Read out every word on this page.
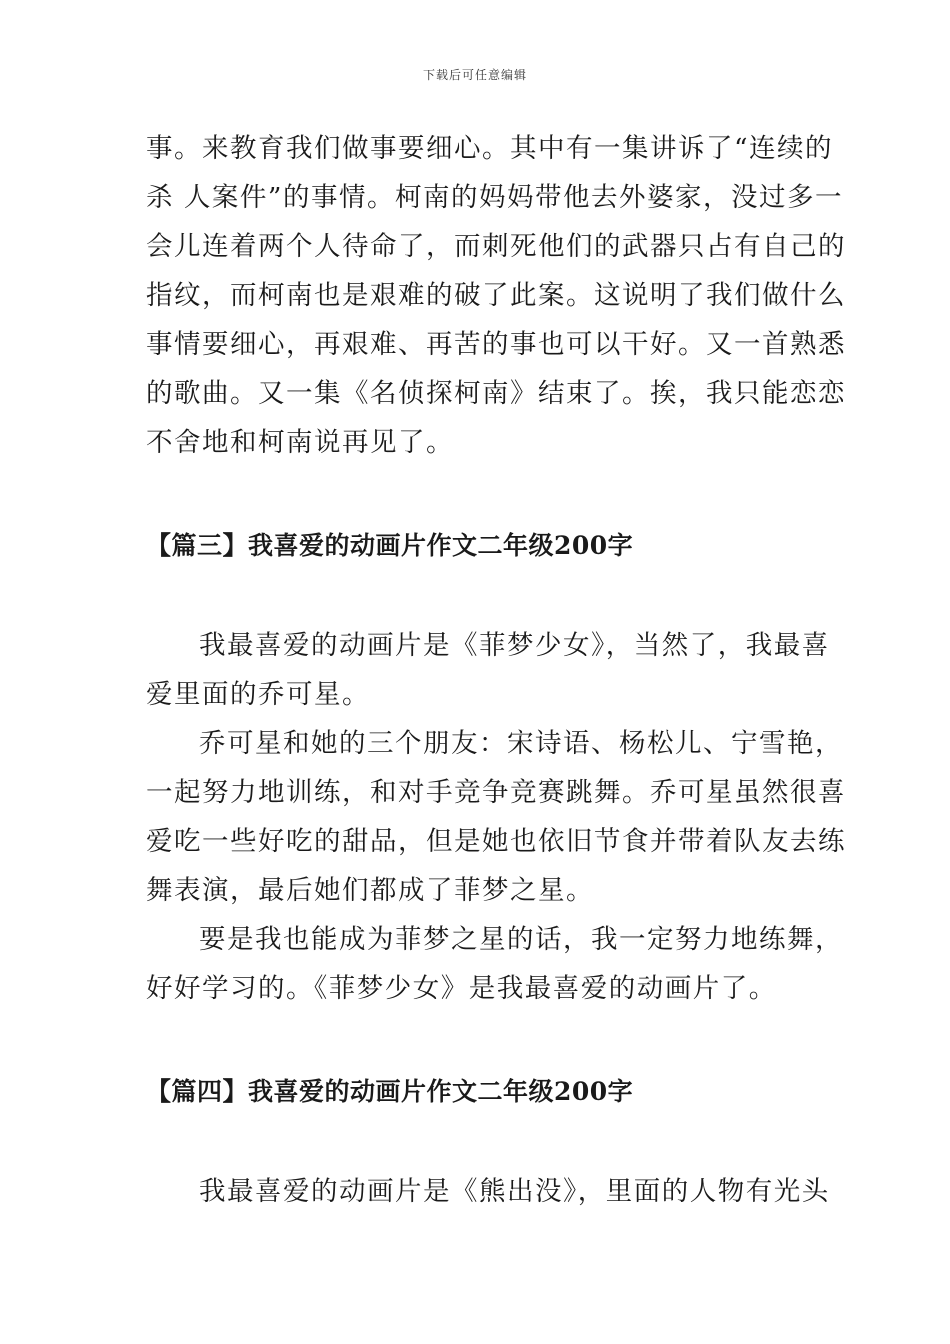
下载后可任意编辑

事。来教育我们做事要细心。其中有一集讲诉了“连续的
杀 人案件”的事情。柯南的妈妈带他去外婆家，没过多一
会儿连着两个人待命了，而刺死他们的武器只占有自己的
指纹，而柯南也是艰难的破了此案。这说明了我们做什么
事情要细心，再艰难、再苦的事也可以干好。又一首熟悉
的歌曲。又一集《名侦探柯南》结束了。挨，我只能恋恋
不舍地和柯南说再见了。

【篇三】我喜爱的动画片作文二年级200字

我最喜爱的动画片是《菲梦少女》，当然了，我最喜
爱里面的乔可星。

乔可星和她的三个朋友：宋诗语、杨松儿、宁雪艳，
一起努力地训练，和对手竞争竞赛跳舞。乔可星虽然很喜
爱吃一些好吃的甜品，但是她也依旧节食并带着队友去练
舞表演，最后她们都成了菲梦之星。

要是我也能成为菲梦之星的话，我一定努力地练舞，
好好学习的。《菲梦少女》是我最喜爱的动画片了。

【篇四】我喜爱的动画片作文二年级200字

我最喜爱的动画片是《熊出没》，里面的人物有光头
